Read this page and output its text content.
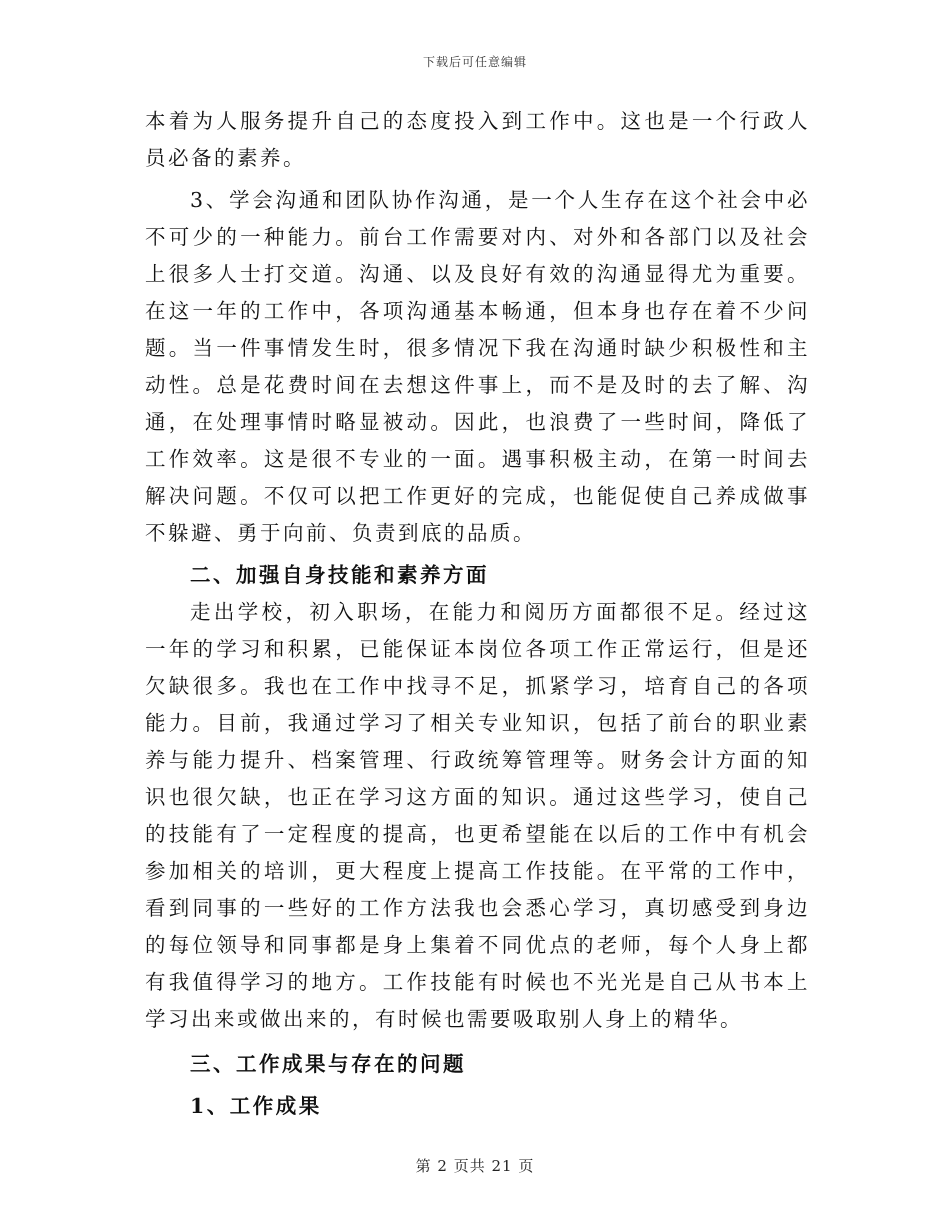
下载后可任意编辑

本着为人服务提升自己的态度投入到工作中。这也是一个行政人员必备的素养。

3、学会沟通和团队协作沟通，是一个人生存在这个社会中必不可少的一种能力。前台工作需要对内、对外和各部门以及社会上很多人士打交道。沟通、以及良好有效的沟通显得尤为重要。在这一年的工作中，各项沟通基本畅通，但本身也存在着不少问题。当一件事情发生时，很多情况下我在沟通时缺少积极性和主动性。总是花费时间在去想这件事上，而不是及时的去了解、沟通，在处理事情时略显被动。因此，也浪费了一些时间，降低了工作效率。这是很不专业的一面。遇事积极主动，在第一时间去解决问题。不仅可以把工作更好的完成，也能促使自己养成做事不躲避、勇于向前、负责到底的品质。

二、加强自身技能和素养方面

走出学校，初入职场，在能力和阅历方面都很不足。经过这一年的学习和积累，已能保证本岗位各项工作正常运行，但是还欠缺很多。我也在工作中找寻不足，抓紧学习，培育自己的各项能力。目前，我通过学习了相关专业知识，包括了前台的职业素养与能力提升、档案管理、行政统筹管理等。财务会计方面的知识也很欠缺，也正在学习这方面的知识。通过这些学习，使自己的技能有了一定程度的提高，也更希望能在以后的工作中有机会参加相关的培训，更大程度上提高工作技能。在平常的工作中，看到同事的一些好的工作方法我也会悉心学习，真切感受到身边的每位领导和同事都是身上集着不同优点的老师，每个人身上都有我值得学习的地方。工作技能有时候也不光光是自己从书本上学习出来或做出来的，有时候也需要吸取别人身上的精华。

三、工作成果与存在的问题

1、工作成果

第 2 页共 21 页
